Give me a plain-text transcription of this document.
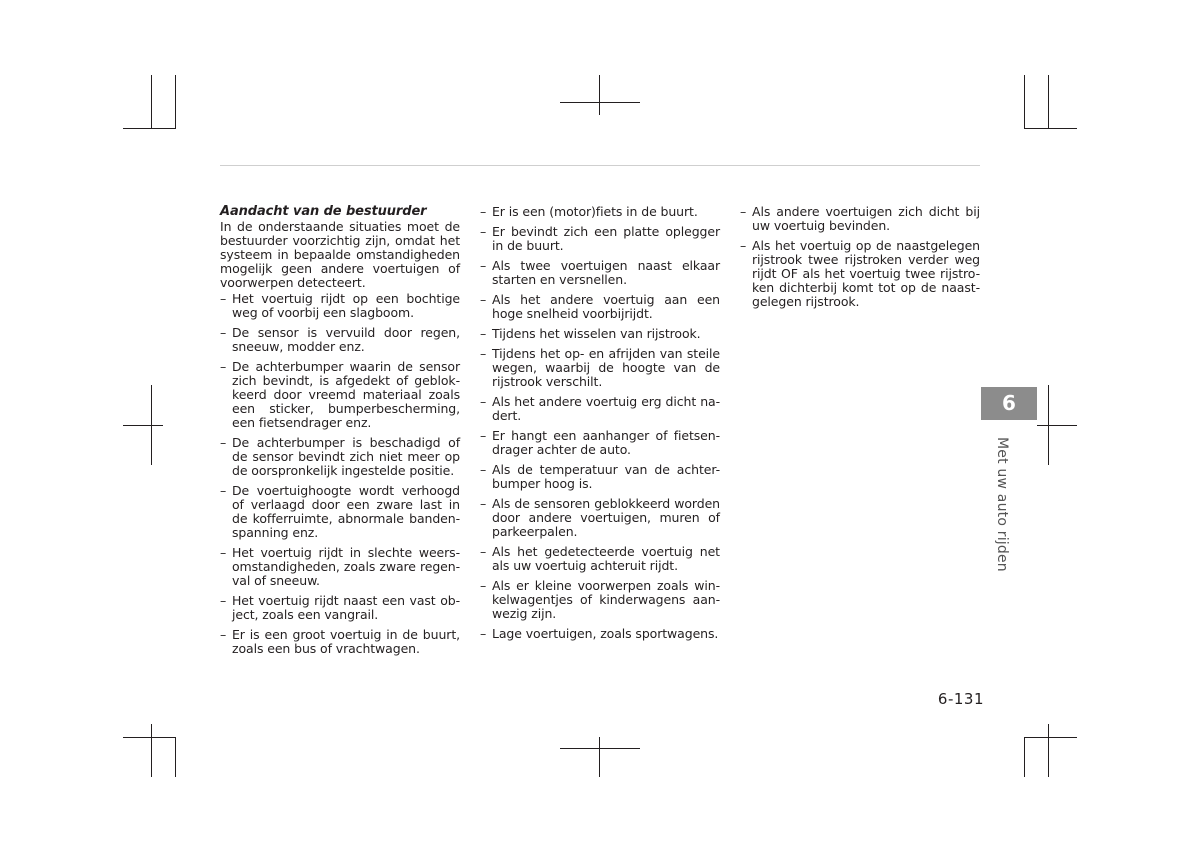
Aandacht van de bestuurder
In de onderstaande situaties moet de bestuurder voorzichtig zijn, omdat het systeem in bepaalde omstandigheden mogelijk geen andere voertuigen of voorwerpen detecteert.
– Het voertuig rijdt op een bochtige weg of voorbij een slagboom.
– De sensor is vervuild door regen, sneeuw, modder enz.
– De achterbumper waarin de sensor zich bevindt, is afgedekt of geblok-keerd door vreemd materiaal zoals een sticker, bumperbescherming, een fietsendrager enz.
– De achterbumper is beschadigd of de sensor bevindt zich niet meer op de oorspronkelijk ingestelde positie.
– De voertuighoogte wordt verhoogd of verlaagd door een zware last in de kofferruimte, abnormale banden-spanning enz.
– Het voertuig rijdt in slechte weers-omstandigheden, zoals zware regen-val of sneeuw.
– Het voertuig rijdt naast een vast ob-ject, zoals een vangrail.
– Er is een groot voertuig in de buurt, zoals een bus of vrachtwagen.
– Er is een (motor)fiets in de buurt.
– Er bevindt zich een platte oplegger in de buurt.
– Als twee voertuigen naast elkaar starten en versnellen.
– Als het andere voertuig aan een hoge snelheid voorbijrijdt.
– Tijdens het wisselen van rijstrook.
– Tijdens het op- en afrijden van steile wegen, waarbij de hoogte van de rijstrook verschilt.
– Als het andere voertuig erg dicht na-dert.
– Er hangt een aanhanger of fietsen-drager achter de auto.
– Als de temperatuur van de achter-bumper hoog is.
– Als de sensoren geblokkeerd worden door andere voertuigen, muren of parkeerpalen.
– Als het gedetecteerde voertuig net als uw voertuig achteruit rijdt.
– Als er kleine voorwerpen zoals win-kelwagentjes of kinderwagens aan-wezig zijn.
– Lage voertuigen, zoals sportwagens.
– Als andere voertuigen zich dicht bij uw voertuig bevinden.
– Als het voertuig op de naastgelegen rijstrook twee rijstroken verder weg rijdt OF als het voertuig twee rijstro-ken dichterbij komt tot op de naast-gelegen rijstrook.
6
Met uw auto rijden
6-131
